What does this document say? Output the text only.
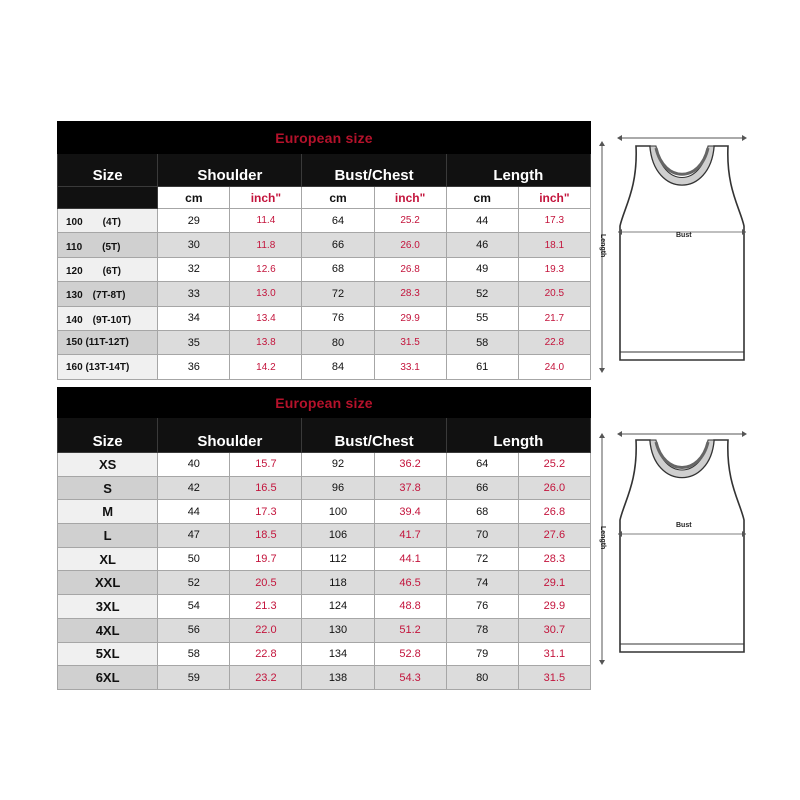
European size						
Size	Shoulder		Bust/Chest		Length	
	cm	inch"	cm	inch"	cm	inch"
100　　(4T)	29	11.4	64	25.2	44	17.3
110　　(5T)	30	11.8	66	26.0	46	18.1
120　　(6T)	32	12.6	68	26.8	49	19.3
130　(7T-8T)	33	13.0	72	28.3	52	20.5
140　(9T-10T)	34	13.4	76	29.9	55	21.7
150 (11T-12T)	35	13.8	80	31.5	58	22.8
160 (13T-14T)	36	14.2	84	33.1	61	24.0
European size						
Size	Shoulder		Bust/Chest		Length	
XS	40	15.7	92	36.2	64	25.2
S	42	16.5	96	37.8	66	26.0
M	44	17.3	100	39.4	68	26.8
L	47	18.5	106	41.7	70	27.6
XL	50	19.7	112	44.1	72	28.3
XXL	52	20.5	118	46.5	74	29.1
3XL	54	21.3	124	48.8	76	29.9
4XL	56	22.0	130	51.2	78	30.7
5XL	58	22.8	134	52.8	79	31.1
6XL	59	23.2	138	54.3	80	31.5
Length	Bust
Length
Bust
